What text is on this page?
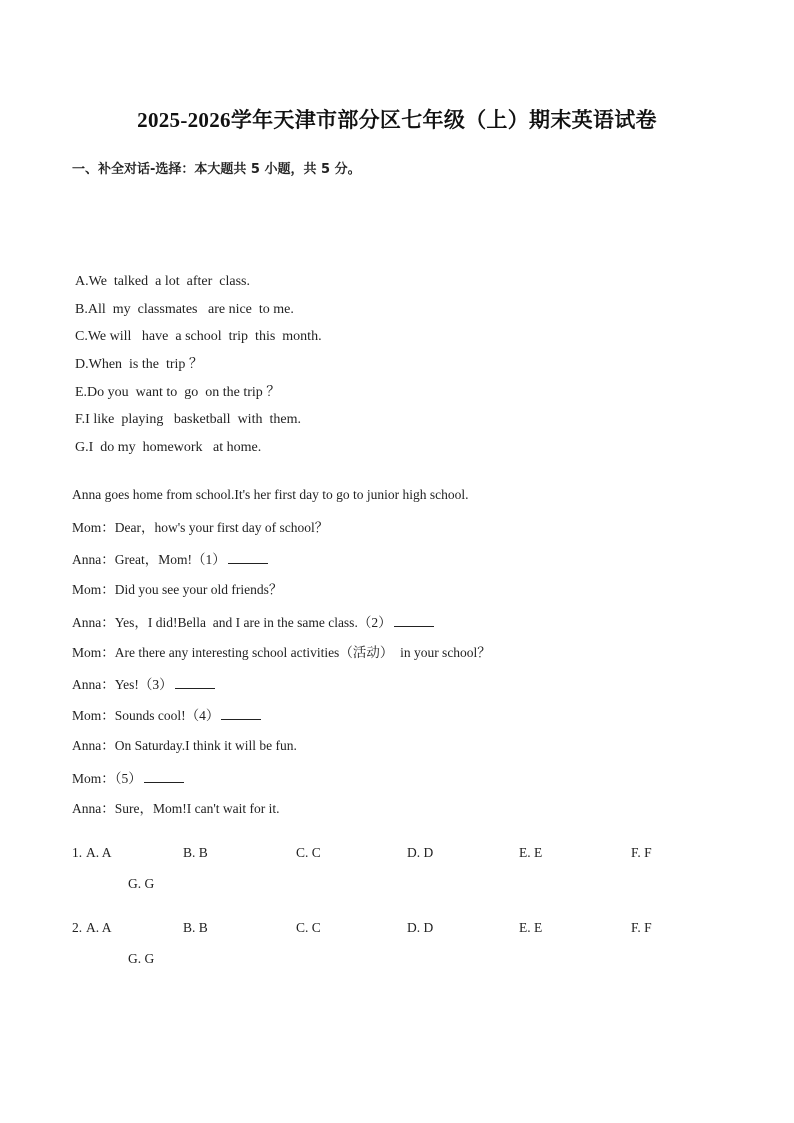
2025-2026学年天津市部分区七年级（上）期末英语试卷
一、补全对话-选择：本大题共 5 小题，共 5 分。
A.We  talked  a lot  after  class.
B.All  my  classmates   are nice  to me.
C.We will   have  a school  trip  this  month.
D.When  is the  trip ？
E.Do you  want to  go  on the trip ？
F.I like  playing   basketball  with  them.
G.I  do my  homework   at home.
Anna goes home from school.It's her first day to go to junior high school.
Mom：Dear，how's your first day of school？
Anna：Great，Mom!（1）
Mom：Did you see your old friends？
Anna：Yes，I did!Bella  and I are in the same class.（2）
Mom：Are there any interesting school activities（活动）  in your school？
Anna：Yes!（3）
Mom：Sounds cool!（4）
Anna：On Saturday.I think it will be fun.
Mom：（5）
Anna：Sure，Mom!I can't wait for it.
1. A. A	B. B	C. C	D. D	E. E	F. F
G. G
2. A. A	B. B	C. C	D. D	E. E	F. F
G. G
